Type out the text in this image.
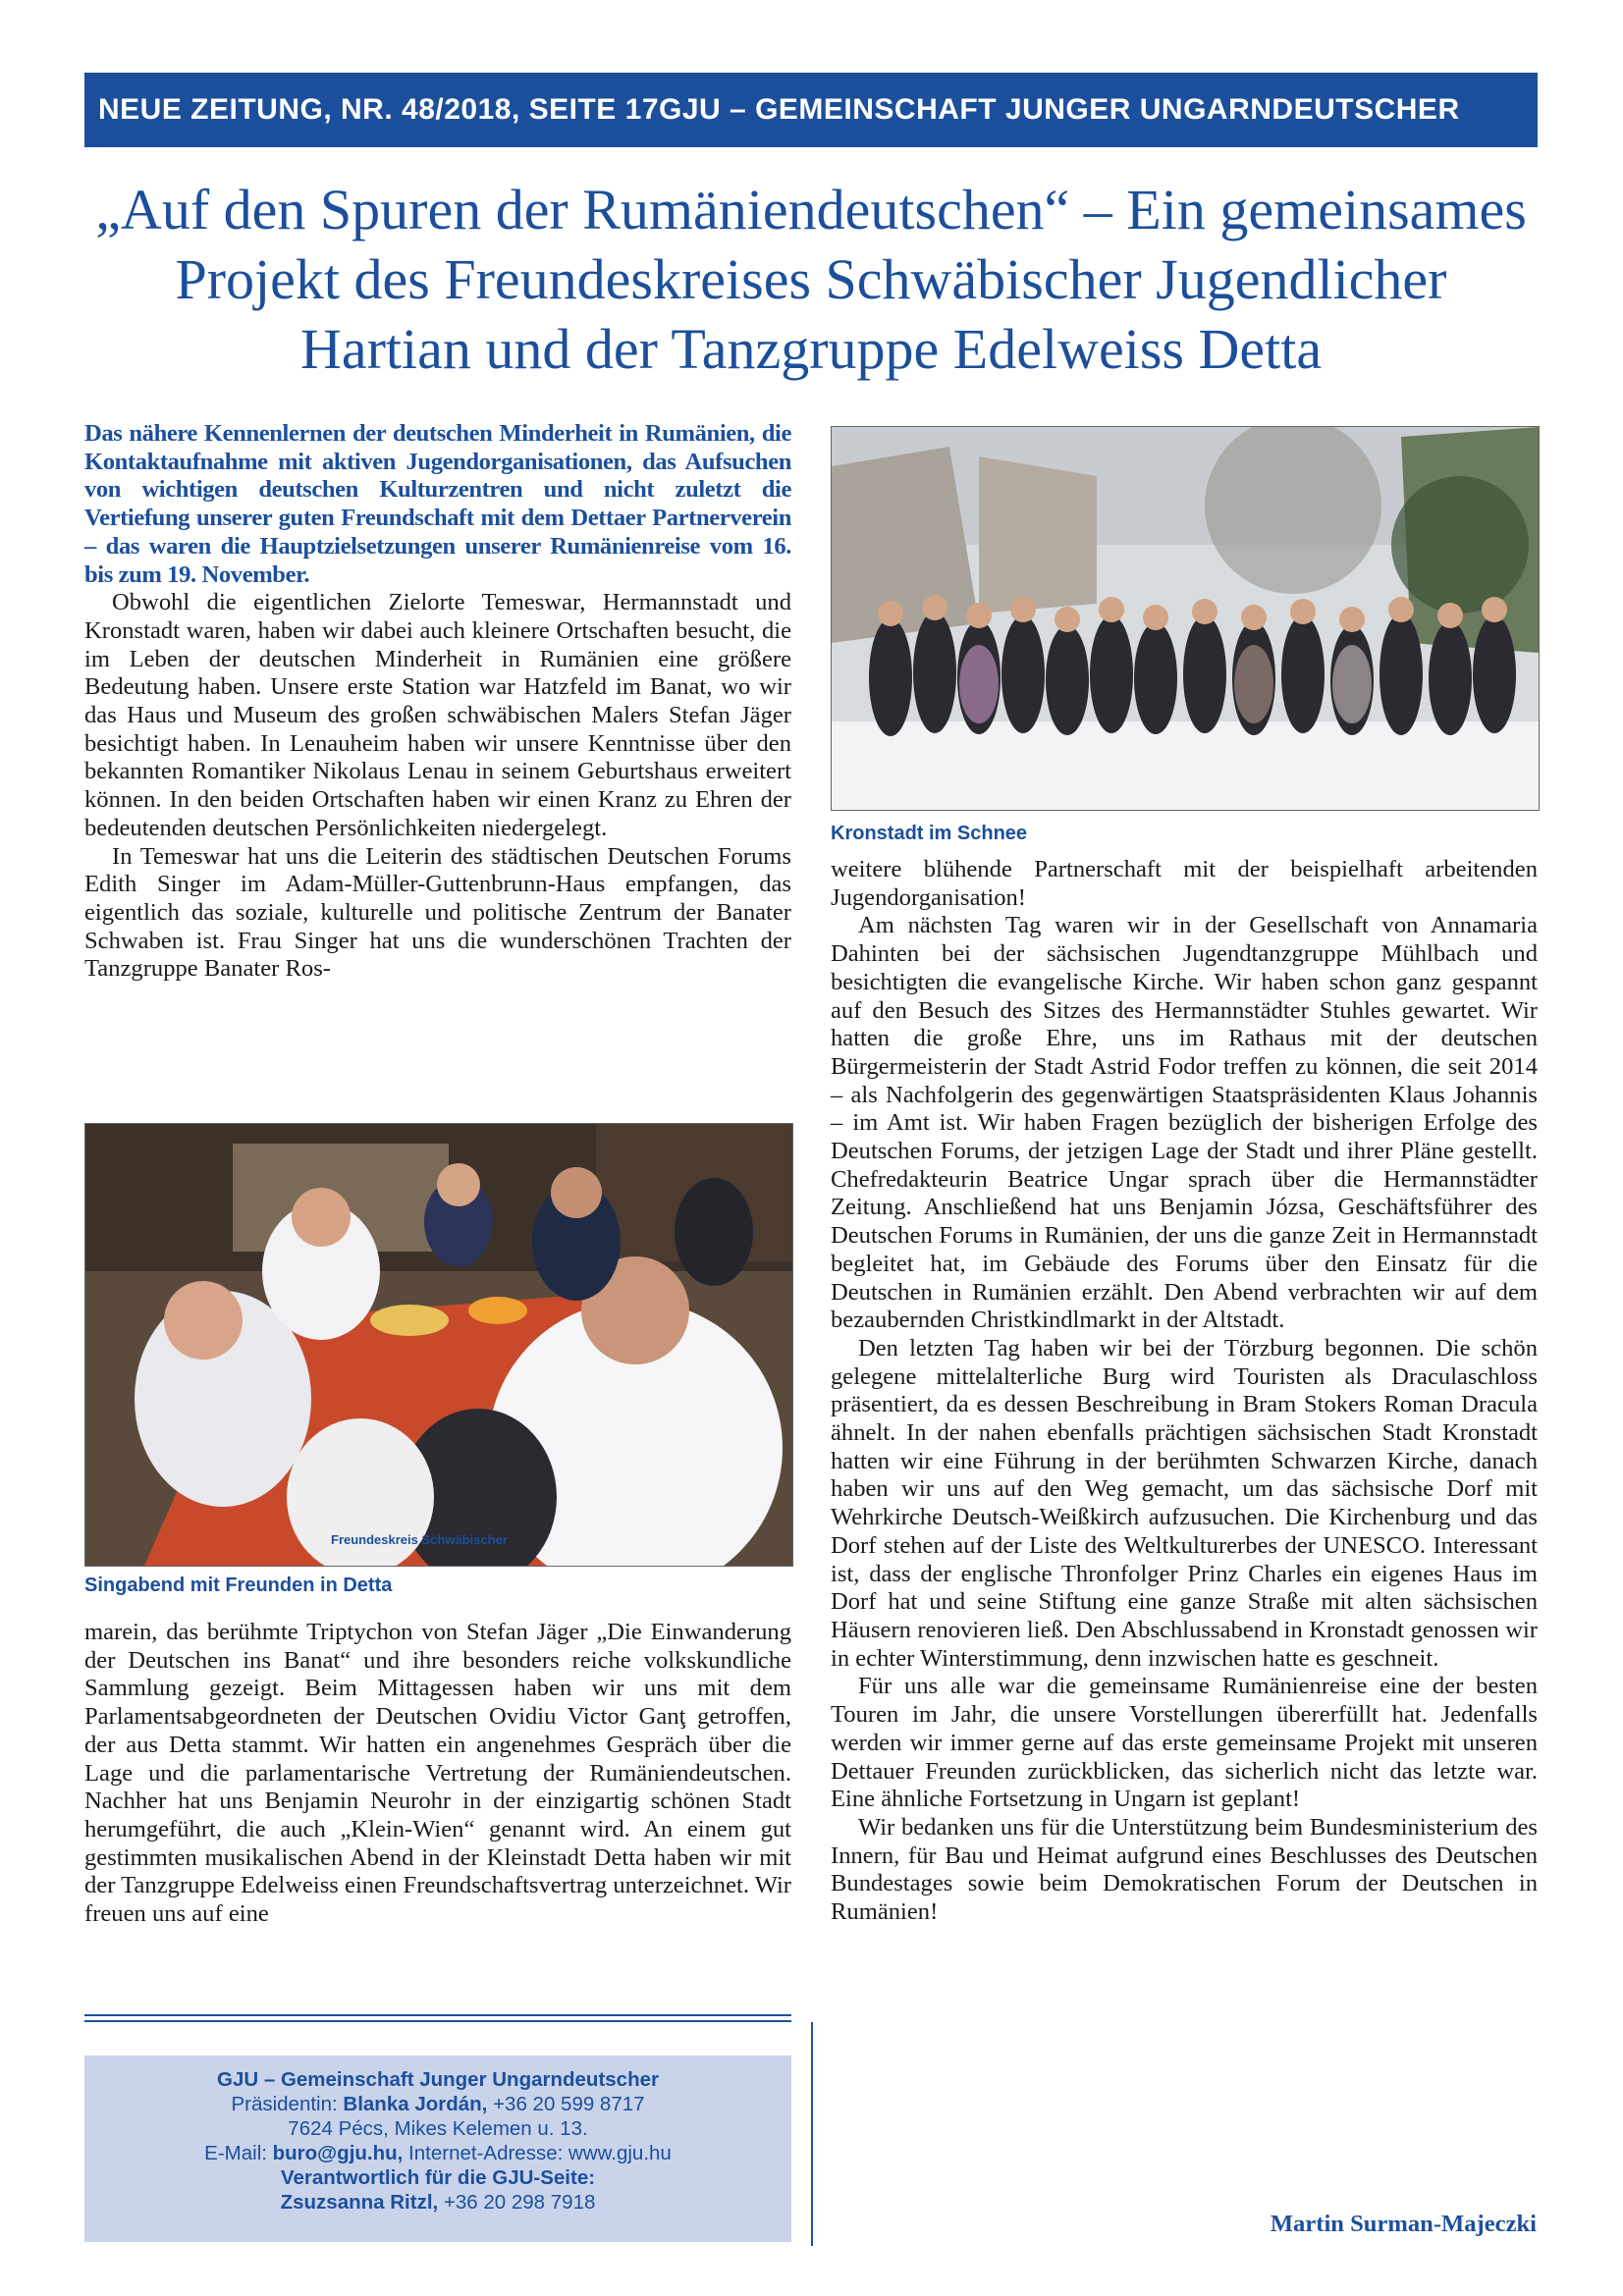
NEUE ZEITUNG, NR. 48/2018, SEITE 17 GJU – GEMEINSCHAFT JUNGER UNGARNDEUTSCHER
„Auf den Spuren der Rumäniendeutschen“ – Ein gemeinsames Projekt des Freundeskreises Schwäbischer Jugendlicher Hartian und der Tanzgruppe Edelweiss Detta

Das nähere Kennenlernen der deutschen Minderheit in Rumänien, die Kontaktaufnahme mit aktiven Jugendorganisationen, das Aufsuchen von wichtigen deutschen Kulturzentren und nicht zuletzt die Vertiefung unserer guten Freundschaft mit dem Dettaer Partnerverein – das waren die Hauptzielsetzungen unserer Rumänienreise vom 16. bis zum 19. November.

Obwohl die eigentlichen Zielorte Temeswar, Hermannstadt und Kronstadt waren, haben wir dabei auch kleinere Ortschaften besucht, die im Leben der deutschen Minderheit in Rumänien eine größere Bedeutung haben. Unsere erste Station war Hatzfeld im Banat, wo wir das Haus und Museum des großen schwäbischen Malers Stefan Jäger besichtigt haben. In Lenauheim haben wir unsere Kenntnisse über den bekannten Romantiker Nikolaus Lenau in seinem Geburtshaus erweitert können. In den beiden Ortschaften haben wir einen Kranz zu Ehren der bedeutenden deutschen Persönlichkeiten niedergelegt.

In Temeswar hat uns die Leiterin des städtischen Deutschen Forums Edith Singer im Adam-Müller-Guttenbrunn-Haus empfangen, das eigentlich das soziale, kulturelle und politische Zentrum der Banater Schwaben ist. Frau Singer hat uns die wunderschönen Trachten der Tanzgruppe Banater Ros-

Freundeskreis Schwäbischer
Singabend mit Freunden in Detta

marein, das berühmte Triptychon von Stefan Jäger „Die Einwanderung der Deutschen ins Banat“ und ihre besonders reiche volkskundliche Sammlung gezeigt. Beim Mittagessen haben wir uns mit dem Parlamentsabgeordneten der Deutschen Ovidiu Victor Ganţ getroffen, der aus Detta stammt. Wir hatten ein angenehmes Gespräch über die Lage und die parlamentarische Vertretung der Rumäniendeutschen. Nachher hat uns Benjamin Neurohr in der einzigartig schönen Stadt herumgeführt, die auch „Klein-Wien“ genannt wird. An einem gut gestimmten musikalischen Abend in der Kleinstadt Detta haben wir mit der Tanzgruppe Edelweiss einen Freundschaftsvertrag unterzeichnet. Wir freuen uns auf eine

GJU – Gemeinschaft Junger Ungarndeutscher
Präsidentin: Blanka Jordán, +36 20 599 8717
7624 Pécs, Mikes Kelemen u. 13.
E-Mail: buro@gju.hu, Internet-Adresse: www.gju.hu
Verantwortlich für die GJU-Seite:
Zsuzsanna Ritzl, +36 20 298 7918
Kronstadt im Schnee

weitere blühende Partnerschaft mit der beispielhaft arbeitenden Jugendorganisation!

Am nächsten Tag waren wir in der Gesellschaft von Annamaria Dahinten bei der sächsischen Jugendtanzgruppe Mühlbach und besichtigten die evangelische Kirche. Wir haben schon ganz gespannt auf den Besuch des Sitzes des Hermannstädter Stuhles gewartet. Wir hatten die große Ehre, uns im Rathaus mit der deutschen Bürgermeisterin der Stadt Astrid Fodor treffen zu können, die seit 2014 – als Nachfolgerin des gegenwärtigen Staatspräsidenten Klaus Johannis – im Amt ist. Wir haben Fragen bezüglich der bisherigen Erfolge des Deutschen Forums, der jetzigen Lage der Stadt und ihrer Pläne gestellt. Chefredakteurin Beatrice Ungar sprach über die Hermannstädter Zeitung. Anschließend hat uns Benjamin Józsa, Geschäftsführer des Deutschen Forums in Rumänien, der uns die ganze Zeit in Hermannstadt begleitet hat, im Gebäude des Forums über den Einsatz für die Deutschen in Rumänien erzählt. Den Abend verbrachten wir auf dem bezaubernden Christkindlmarkt in der Altstadt.

Den letzten Tag haben wir bei der Törzburg begonnen. Die schön gelegene mittelalterliche Burg wird Touristen als Draculaschloss präsentiert, da es dessen Beschreibung in Bram Stokers Roman Dracula ähnelt. In der nahen ebenfalls prächtigen sächsischen Stadt Kronstadt hatten wir eine Führung in der berühmten Schwarzen Kirche, danach haben wir uns auf den Weg gemacht, um das sächsische Dorf mit Wehrkirche Deutsch-Weißkirch aufzusuchen. Die Kirchenburg und das Dorf stehen auf der Liste des Weltkulturerbes der UNESCO. Interessant ist, dass der englische Thronfolger Prinz Charles ein eigenes Haus im Dorf hat und seine Stiftung eine ganze Straße mit alten sächsischen Häusern renovieren ließ. Den Abschlussabend in Kronstadt genossen wir in echter Winterstimmung, denn inzwischen hatte es geschneit.

Für uns alle war die gemeinsame Rumänienreise eine der besten Touren im Jahr, die unsere Vorstellungen übererfüllt hat. Jedenfalls werden wir immer gerne auf das erste gemeinsame Projekt mit unseren Dettauer Freunden zurückblicken, das sicherlich nicht das letzte war. Eine ähnliche Fortsetzung in Ungarn ist geplant!

Wir bedanken uns für die Unterstützung beim Bundesministerium des Innern, für Bau und Heimat aufgrund eines Beschlusses des Deutschen Bundestages sowie beim Demokratischen Forum der Deutschen in Rumänien!

Martin Surman-Majeczki
